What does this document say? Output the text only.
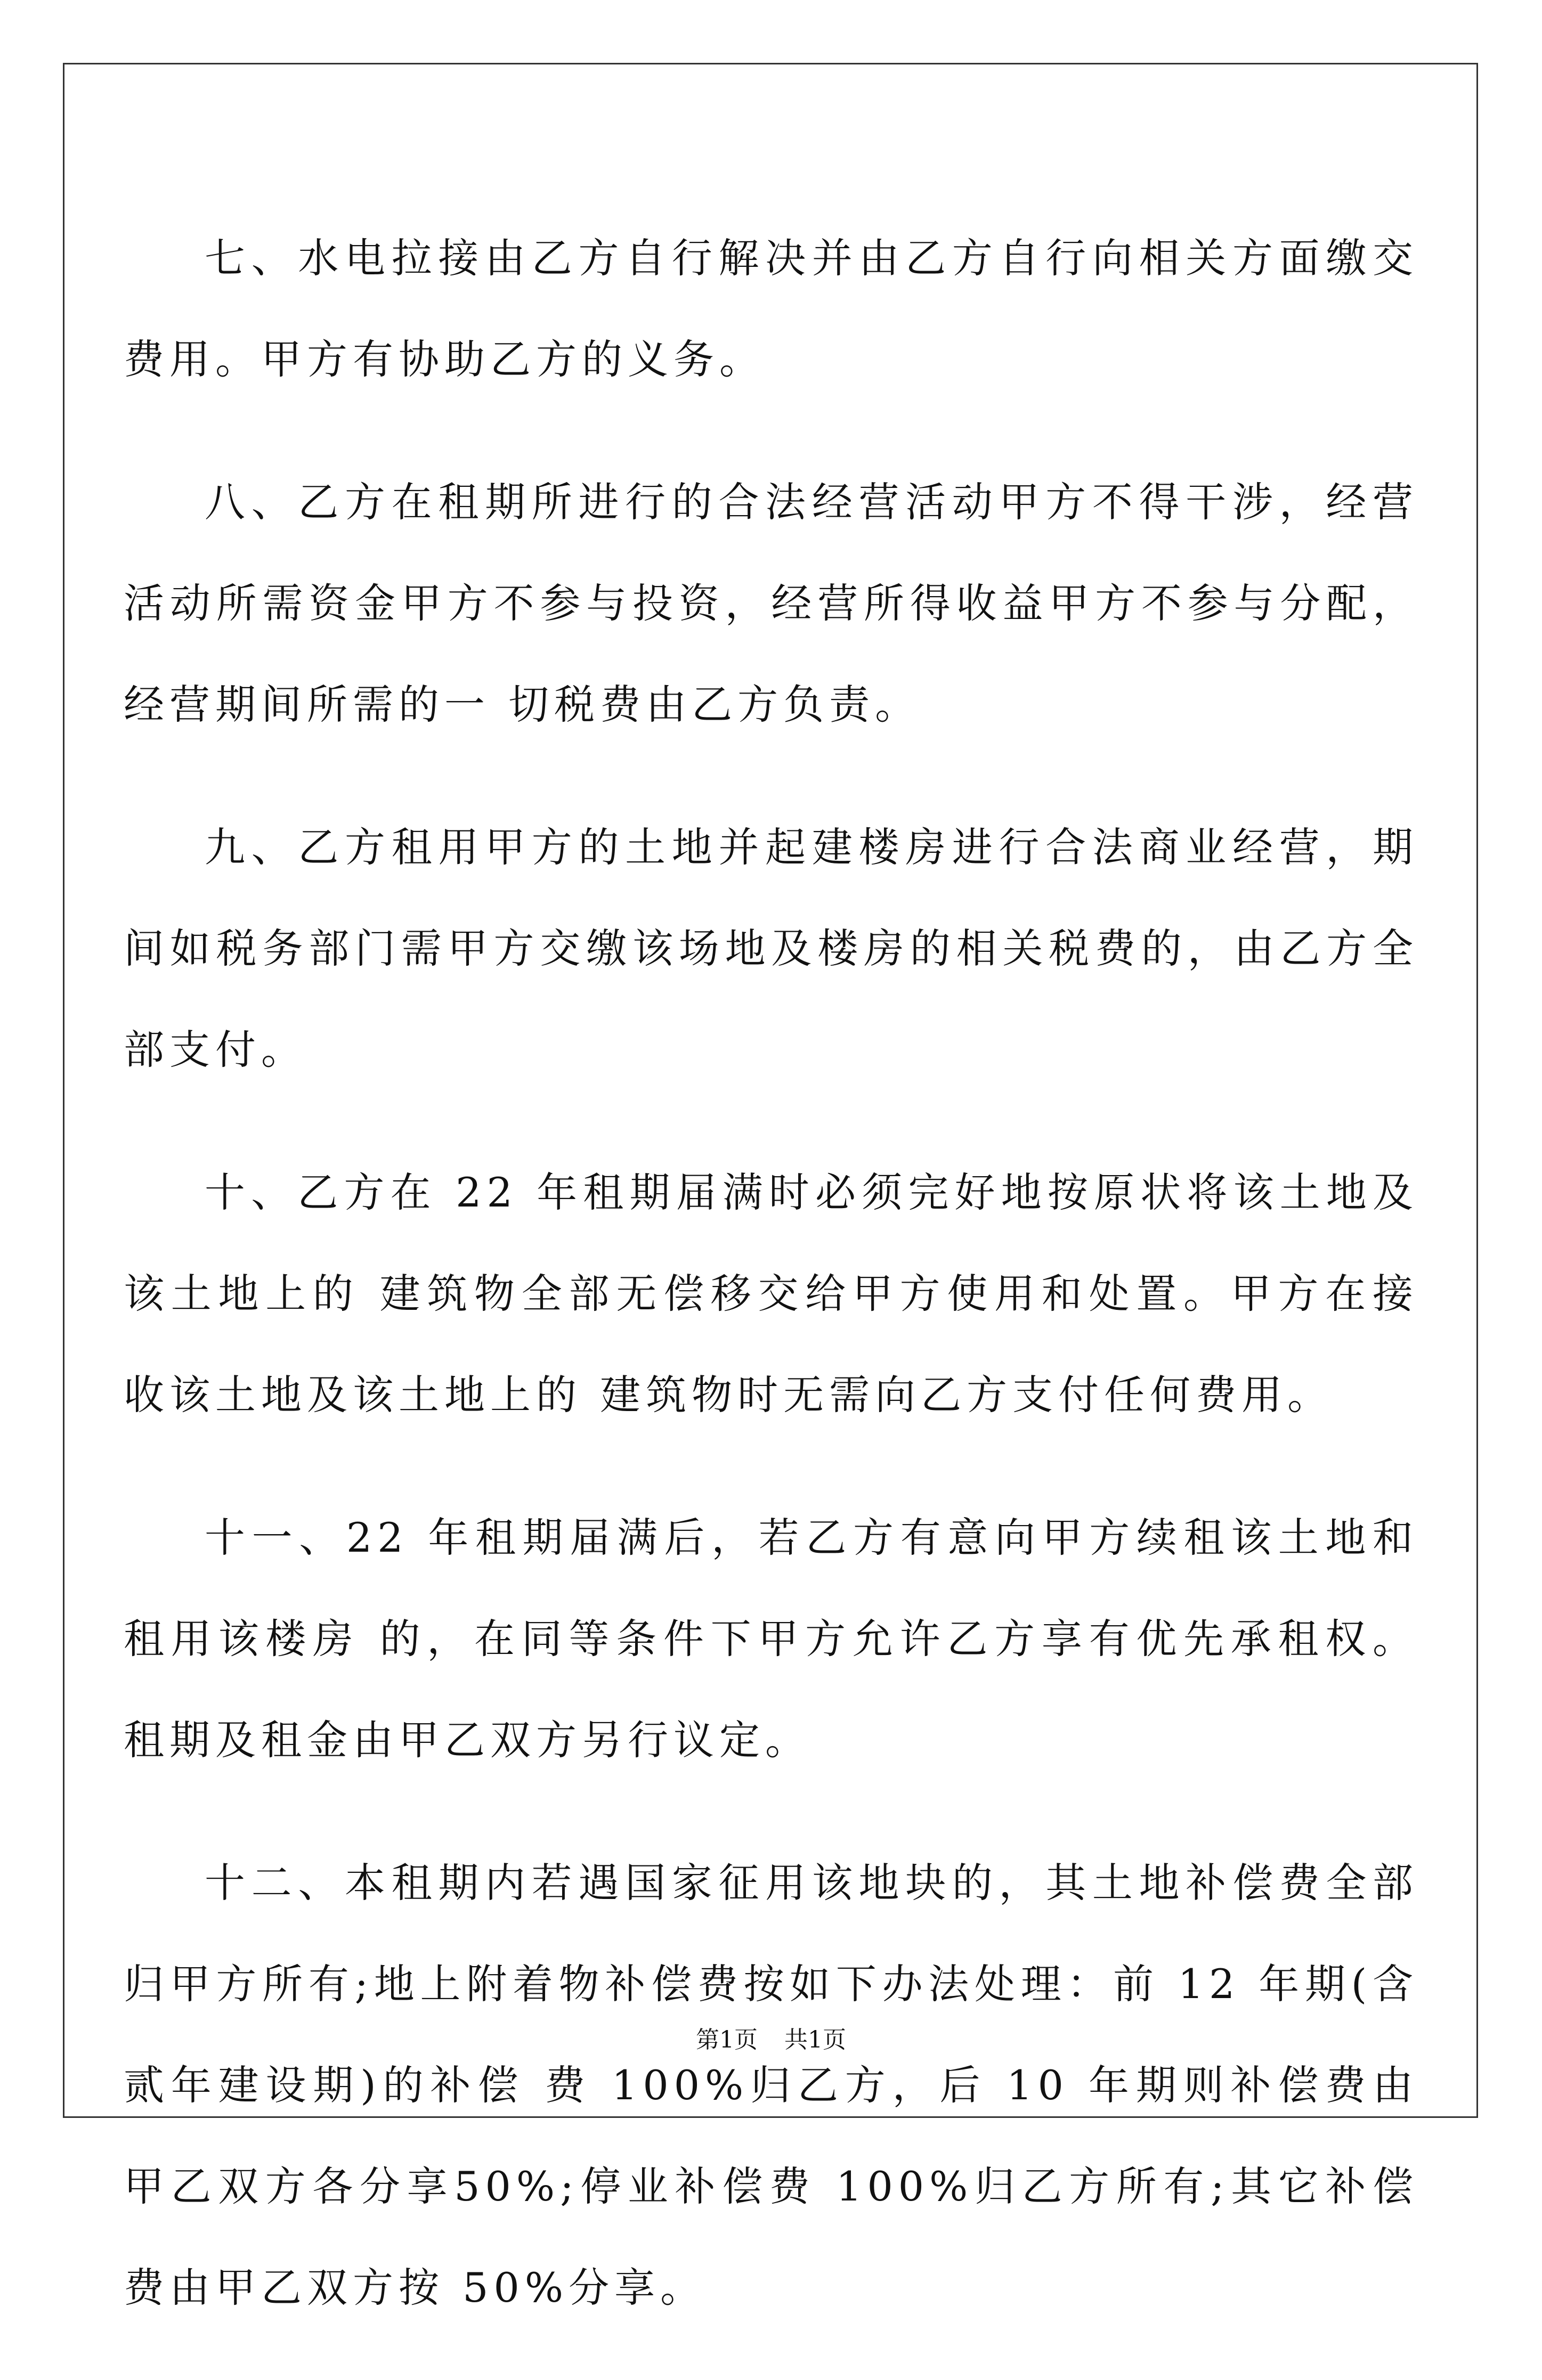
七、水电拉接由乙方自行解决并由乙方自行向相关方面缴交费用。甲方有协助乙方的义务。

八、乙方在租期所进行的合法经营活动甲方不得干涉，经营活动所需资金甲方不参与投资，经营所得收益甲方不参与分配，经营期间所需的一 切税费由乙方负责。

九、乙方租用甲方的土地并起建楼房进行合法商业经营，期间如税务部门需甲方交缴该场地及楼房的相关税费的，由乙方全部支付。

十、乙方在 22 年租期届满时必须完好地按原状将该土地及该土地上的 建筑物全部无偿移交给甲方使用和处置。甲方在接收该土地及该土地上的 建筑物时无需向乙方支付任何费用。

十一、22 年租期届满后，若乙方有意向甲方续租该土地和租用该楼房 的，在同等条件下甲方允许乙方享有优先承租权。租期及租金由甲乙双方另行议定。

十二、本租期内若遇国家征用该地块的，其土地补偿费全部归甲方所有;地上附着物补偿费按如下办法处理：前 12 年期(含贰年建设期)的补偿 费 100%归乙方，后 10 年期则补偿费由甲乙双方各分享50%;停业补偿费 100%归乙方所有;其它补偿费由甲乙双方按 50%分享。

第1页 共1页
